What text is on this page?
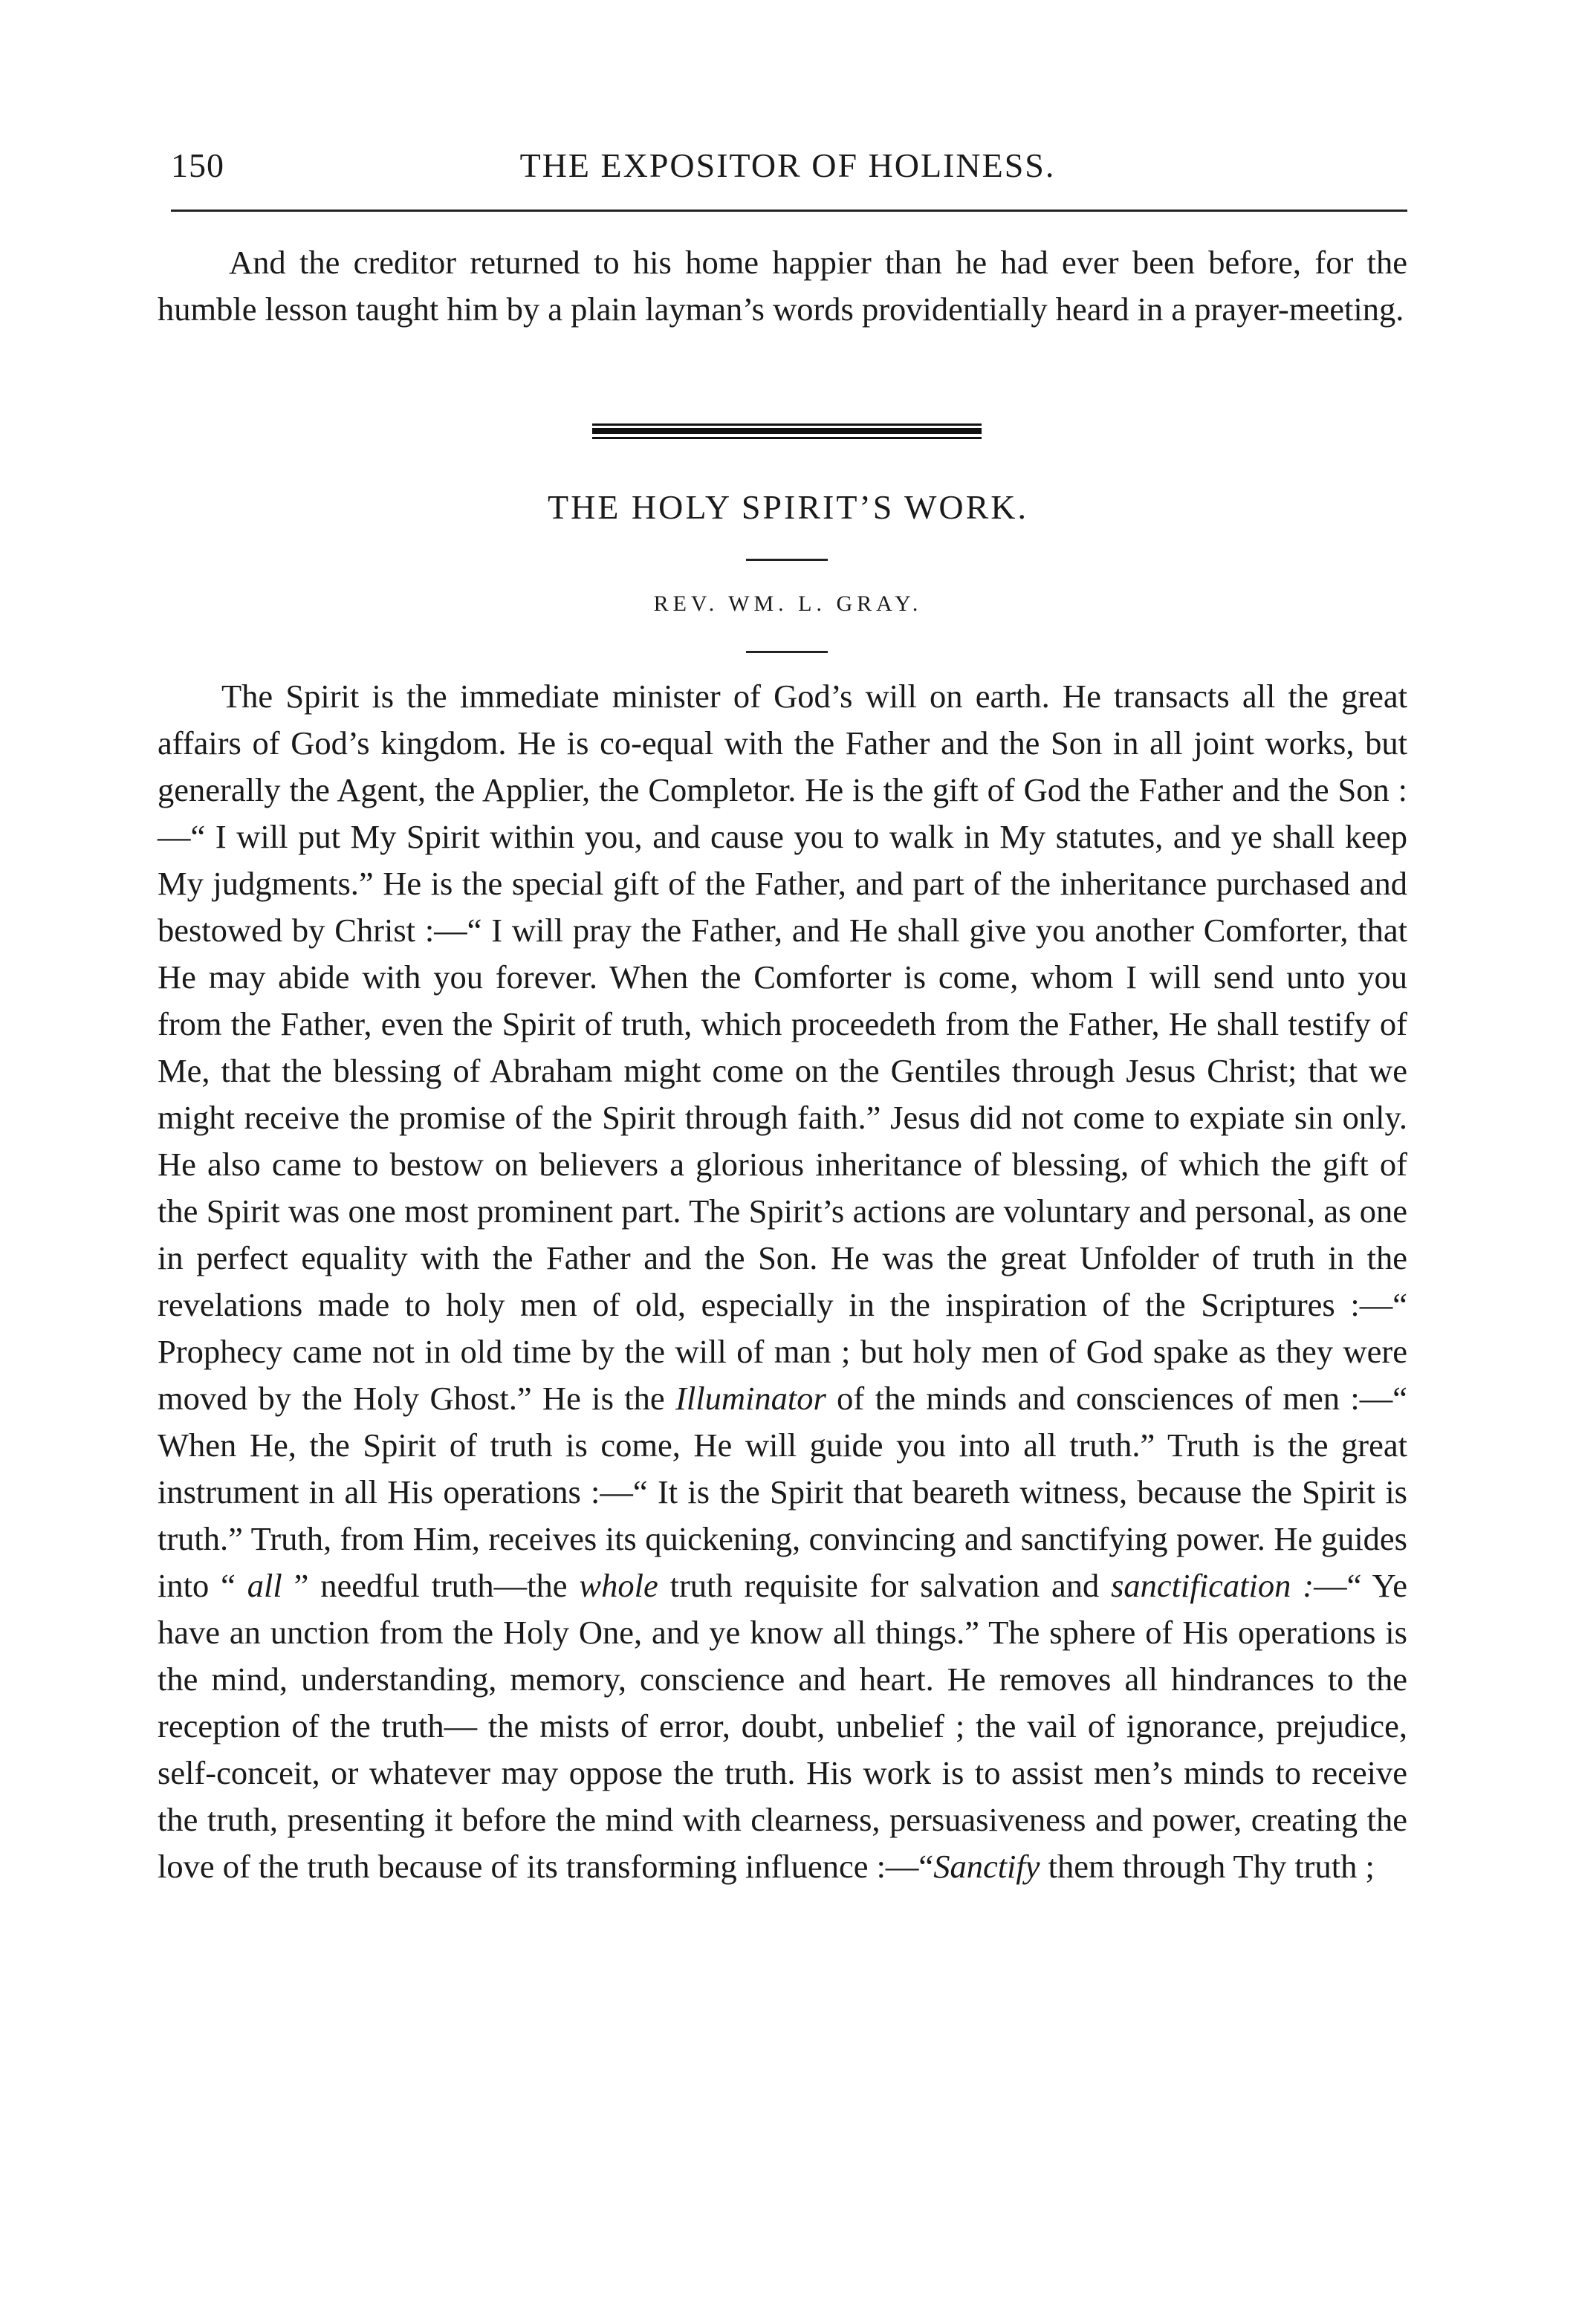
150	THE EXPOSITOR OF HOLINESS.

And the creditor returned to his home happier than he had ever been before, for the humble lesson taught him by a plain layman’s words providentially heard in a prayer-meeting.

THE HOLY SPIRIT’S WORK.
REV. WM. L. GRAY.

The Spirit is the immediate minister of God’s will on earth. He transacts all the great affairs of God’s kingdom. He is co-equal with the Father and the Son in all joint works, but generally the Agent, the Applier, the Completor. He is the gift of God the Father and the Son :—“ I will put My Spirit within you, and cause you to walk in My statutes, and ye shall keep My judgments.” He is the special gift of the Father, and part of the inheritance purchased and bestowed by Christ :—“ I will pray the Father, and He shall give you another Comforter, that He may abide with you forever. When the Comforter is come, whom I will send unto you from the Father, even the Spirit of truth, which proceedeth from the Father, He shall testify of Me, that the blessing of Abraham might come on the Gentiles through Jesus Christ; that we might receive the promise of the Spirit through faith.” Jesus did not come to expiate sin only. He also came to bestow on believers a glorious inheritance of blessing, of which the gift of the Spirit was one most prominent part. The Spirit’s actions are voluntary and personal, as one in perfect equality with the Father and the Son. He was the great Unfolder of truth in the revelations made to holy men of old, especially in the inspiration of the Scriptures :—“ Prophecy came not in old time by the will of man ; but holy men of God spake as they were moved by the Holy Ghost.” He is the Illuminator of the minds and consciences of men :—“ When He, the Spirit of truth is come, He will guide you into all truth.” Truth is the great instrument in all His operations :—“ It is the Spirit that beareth witness, because the Spirit is truth.” Truth, from Him, receives its quickening, convincing and sanctifying power. He guides into “ all ” needful truth—the whole truth requisite for salvation and sanctification :—“ Ye have an unction from the Holy One, and ye know all things.” The sphere of His operations is the mind, understanding, memory, conscience and heart. He removes all hindrances to the reception of the truth— the mists of error, doubt, unbelief ; the vail of ignorance, prejudice, self-conceit, or whatever may oppose the truth. His work is to assist men’s minds to receive the truth, presenting it before the mind with clearness, persuasiveness and power, creating the love of the truth because of its transforming influence :—“Sanctify them through Thy truth ;
